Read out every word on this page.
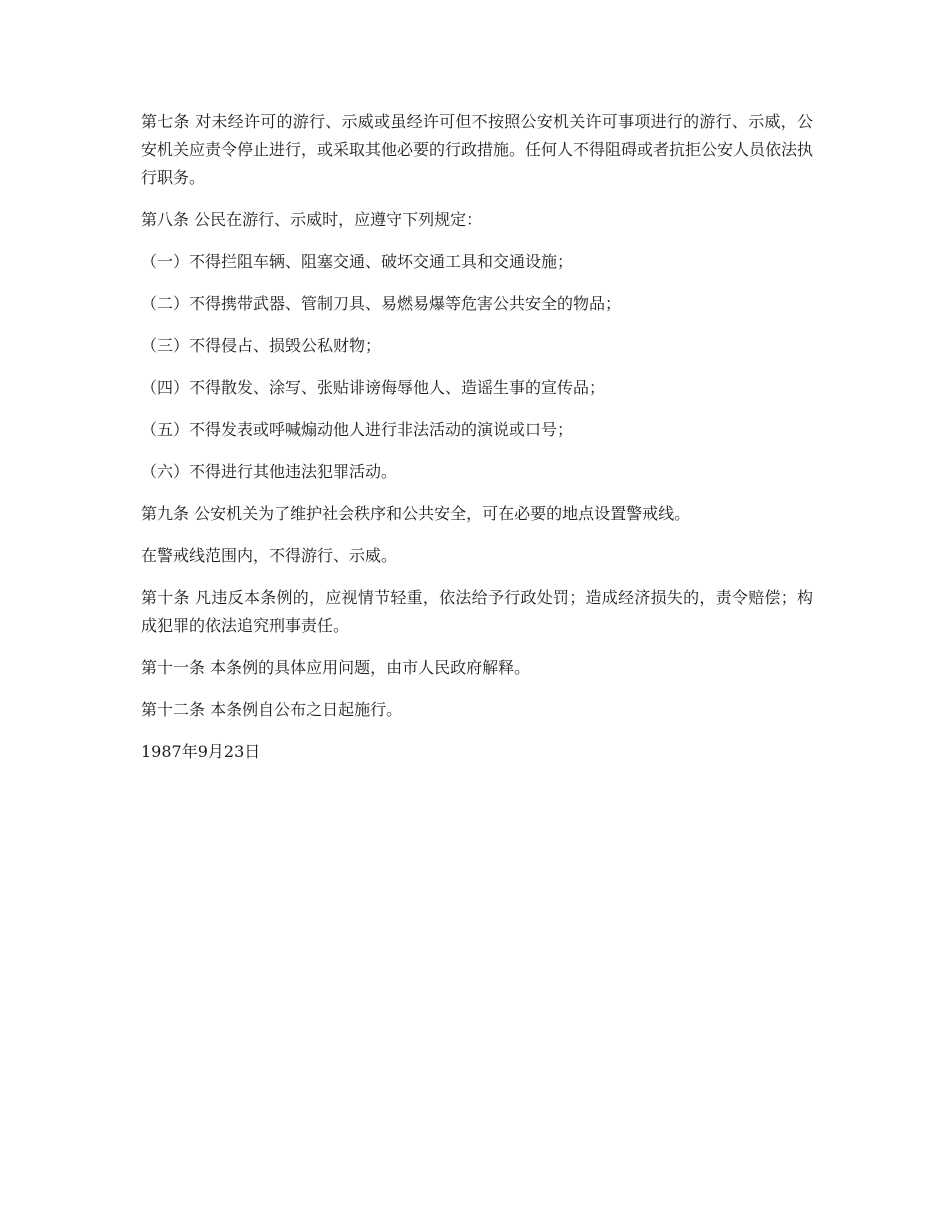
第七条 对未经许可的游行、示威或虽经许可但不按照公安机关许可事项进行的游行、示威，公安机关应责令停止进行，或采取其他必要的行政措施。任何人不得阻碍或者抗拒公安人员依法执行职务。

第八条 公民在游行、示威时，应遵守下列规定：

（一）不得拦阻车辆、阻塞交通、破坏交通工具和交通设施；

（二）不得携带武器、管制刀具、易燃易爆等危害公共安全的物品；

（三）不得侵占、损毁公私财物；

（四）不得散发、涂写、张贴诽谤侮辱他人、造谣生事的宣传品；

（五）不得发表或呼喊煽动他人进行非法活动的演说或口号；

（六）不得进行其他违法犯罪活动。

第九条 公安机关为了维护社会秩序和公共安全，可在必要的地点设置警戒线。

在警戒线范围内，不得游行、示威。

第十条 凡违反本条例的，应视情节轻重，依法给予行政处罚；造成经济损失的，责令赔偿；构成犯罪的依法追究刑事责任。

第十一条 本条例的具体应用问题，由市人民政府解释。

第十二条 本条例自公布之日起施行。

1987年9月23日
